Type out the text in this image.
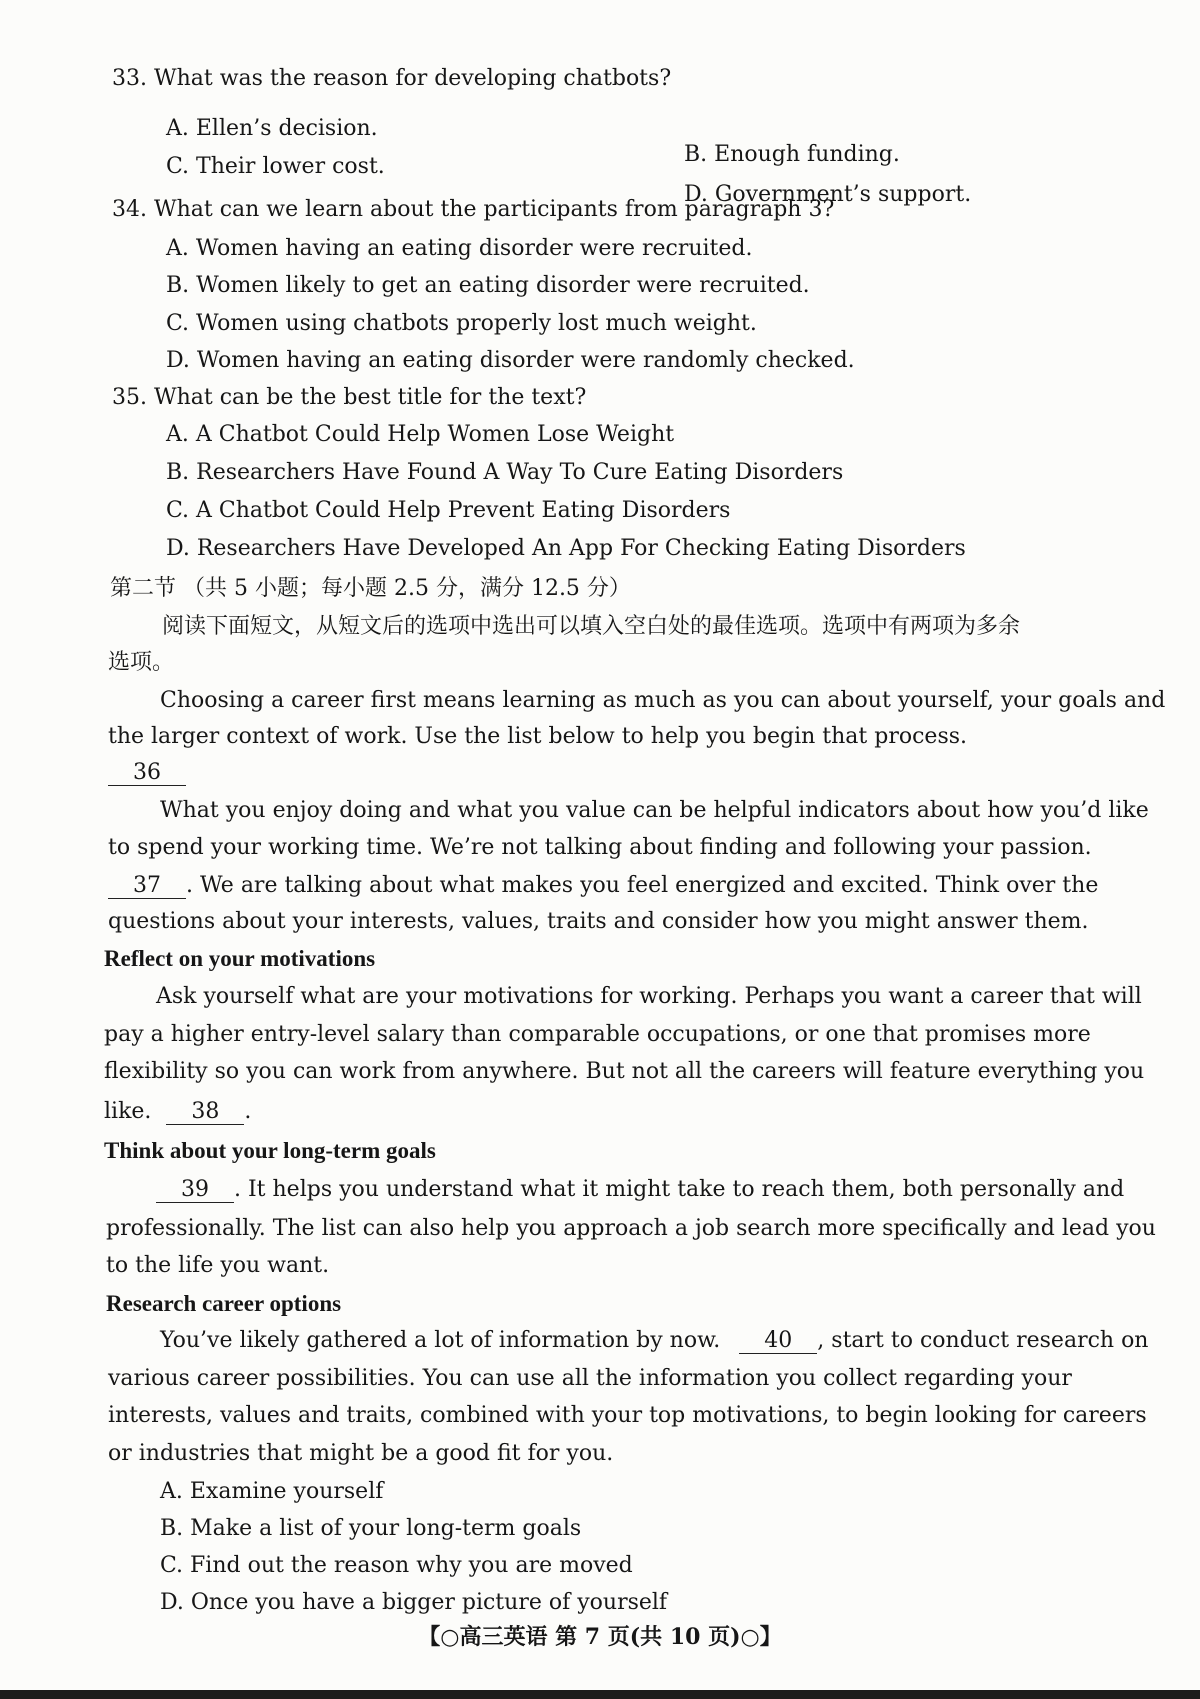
33. What was the reason for developing chatbots?
A. Ellen’s decision.
B. Enough funding.
C. Their lower cost.
D. Government’s support.
34. What can we learn about the participants from paragraph 3?
A. Women having an eating disorder were recruited.
B. Women likely to get an eating disorder were recruited.
C. Women using chatbots properly lost much weight.
D. Women having an eating disorder were randomly checked.
35. What can be the best title for the text?
A. A Chatbot Could Help Women Lose Weight
B. Researchers Have Found A Way To Cure Eating Disorders
C. A Chatbot Could Help Prevent Eating Disorders
D. Researchers Have Developed An App For Checking Eating Disorders
第二节 （共 5 小题；每小题 2.5 分，满分 12.5 分）
阅读下面短文，从短文后的选项中选出可以填入空白处的最佳选项。选项中有两项为多余
选项。
Choosing a career first means learning as much as you can about yourself, your goals and
the larger context of work. Use the list below to help you begin that process.
36
What you enjoy doing and what you value can be helpful indicators about how you’d like
to spend your working time. We’re not talking about finding and following your passion.
37 . We are talking about what makes you feel energized and excited. Think over the
questions about your interests, values, traits and consider how you might answer them.
Reflect on your motivations
Ask yourself what are your motivations for working. Perhaps you want a career that will
pay a higher entry-level salary than comparable occupations, or one that promises more
flexibility so you can work from anywhere. But not all the careers will feature everything you
like. 38 .
Think about your long-term goals
39 . It helps you understand what it might take to reach them, both personally and
professionally. The list can also help you approach a job search more specifically and lead you
to the life you want.
Research career options
You’ve likely gathered a lot of information by now. 40 , start to conduct research on
various career possibilities. You can use all the information you collect regarding your
interests, values and traits, combined with your top motivations, to begin looking for careers
or industries that might be a good fit for you.
A. Examine yourself
B. Make a list of your long-term goals
C. Find out the reason why you are moved
D. Once you have a bigger picture of yourself
【○高三英语 第 7 页(共 10 页)○】
